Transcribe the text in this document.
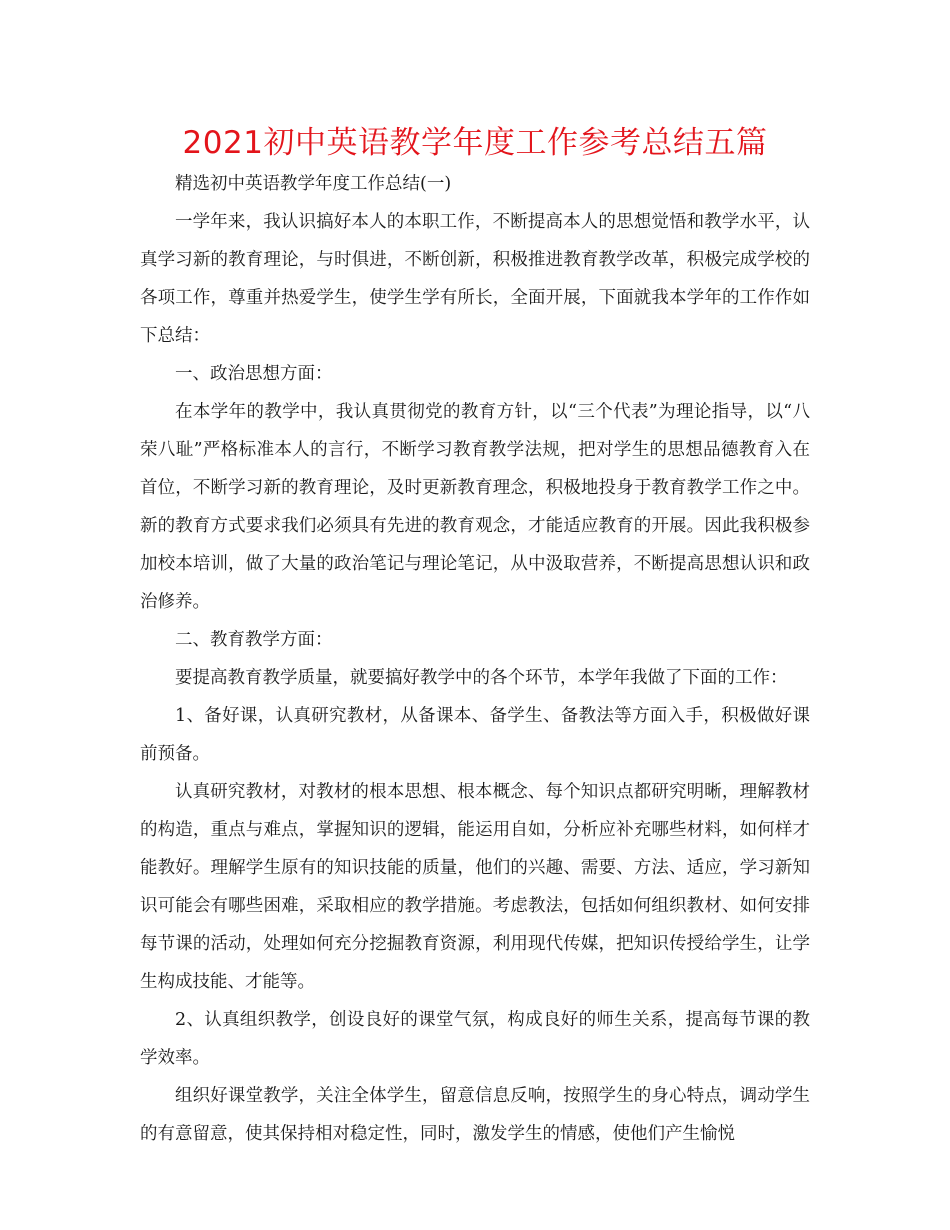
2021初中英语教学年度工作参考总结五篇

精选初中英语教学年度工作总结(一)

一学年来，我认识搞好本人的本职工作，不断提高本人的思想觉悟和教学水平，认真学习新的教育理论，与时俱进，不断创新，积极推进教育教学改革，积极完成学校的各项工作，尊重并热爱学生，使学生学有所长，全面开展，下面就我本学年的工作作如下总结：

一、政治思想方面：

在本学年的教学中，我认真贯彻党的教育方针，以“三个代表”为理论指导，以“八荣八耻”严格标准本人的言行，不断学习教育教学法规，把对学生的思想品德教育入在首位，不断学习新的教育理论，及时更新教育理念，积极地投身于教育教学工作之中。新的教育方式要求我们必须具有先进的教育观念，才能适应教育的开展。因此我积极参加校本培训，做了大量的政治笔记与理论笔记，从中汲取营养，不断提高思想认识和政治修养。

二、教育教学方面：

要提高教育教学质量，就要搞好教学中的各个环节，本学年我做了下面的工作：

1、备好课，认真研究教材，从备课本、备学生、备教法等方面入手，积极做好课前预备。

认真研究教材，对教材的根本思想、根本概念、每个知识点都研究明晰，理解教材的构造，重点与难点，掌握知识的逻辑，能运用自如，分析应补充哪些材料，如何样才能教好。理解学生原有的知识技能的质量，他们的兴趣、需要、方法、适应，学习新知识可能会有哪些困难，采取相应的教学措施。考虑教法，包括如何组织教材、如何安排每节课的活动，处理如何充分挖掘教育资源，利用现代传媒，把知识传授给学生，让学生构成技能、才能等。

2、认真组织教学，创设良好的课堂气氛，构成良好的师生关系，提高每节课的教学效率。

组织好课堂教学，关注全体学生，留意信息反响，按照学生的身心特点，调动学生的有意留意，使其保持相对稳定性，同时，激发学生的情感，使他们产生愉悦
